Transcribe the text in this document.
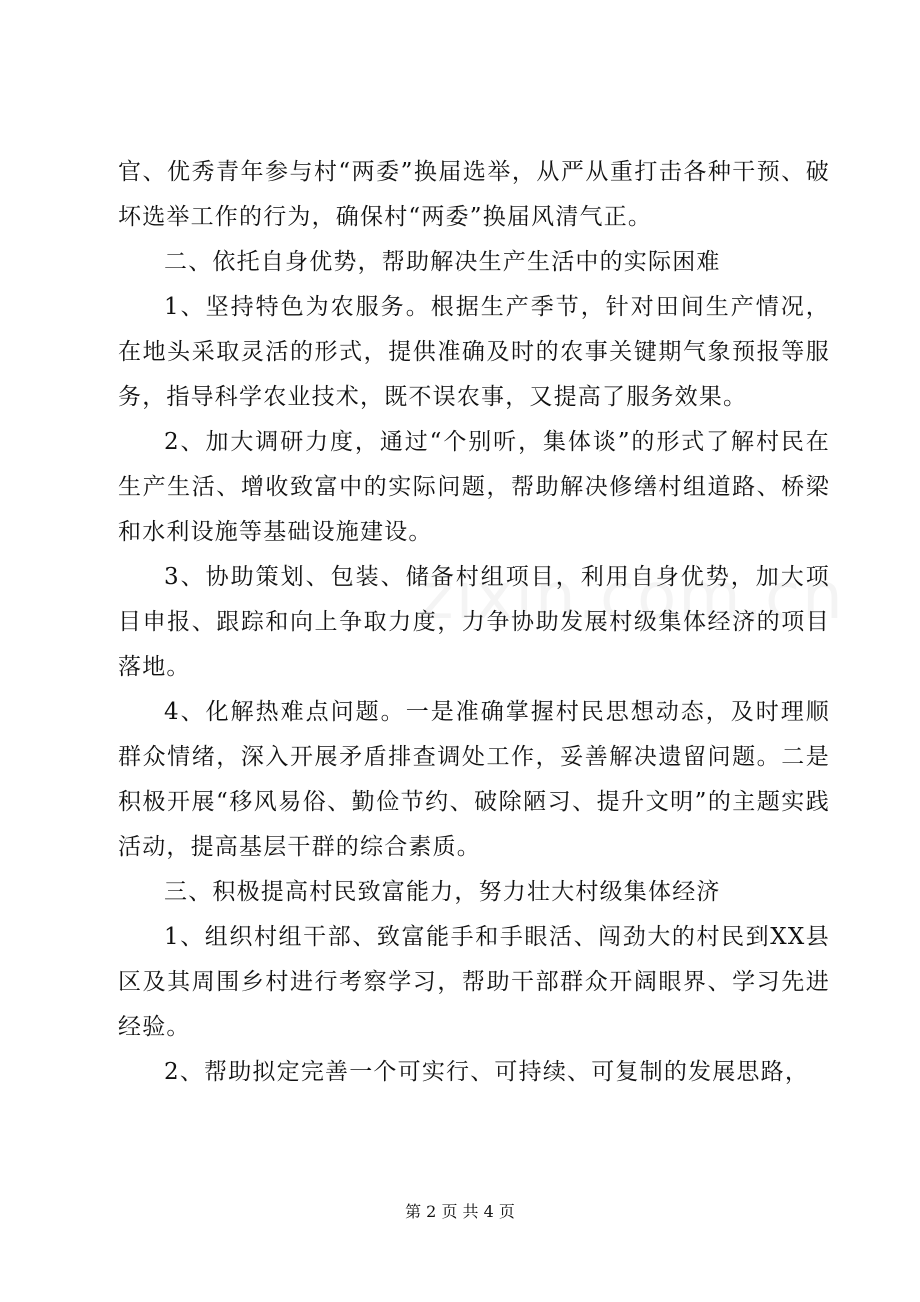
官、优秀青年参与村“两委”换届选举，从严从重打击各种干预、破坏选举工作的行为，确保村“两委”换届风清气正。

二、依托自身优势，帮助解决生产生活中的实际困难

1、坚持特色为农服务。根据生产季节，针对田间生产情况，在地头采取灵活的形式，提供准确及时的农事关键期气象预报等服务，指导科学农业技术，既不误农事，又提高了服务效果。

2、加大调研力度，通过“个别听，集体谈”的形式了解村民在生产生活、增收致富中的实际问题，帮助解决修缮村组道路、桥梁和水利设施等基础设施建设。

3、协助策划、包装、储备村组项目，利用自身优势，加大项目申报、跟踪和向上争取力度，力争协助发展村级集体经济的项目落地。

4、化解热难点问题。一是准确掌握村民思想动态，及时理顺群众情绪，深入开展矛盾排查调处工作，妥善解决遗留问题。二是积极开展“移风易俗、勤俭节约、破除陋习、提升文明”的主题实践活动，提高基层干群的综合素质。

三、积极提高村民致富能力，努力壮大村级集体经济

1、组织村组干部、致富能手和手眼活、闯劲大的村民到XX县区及其周围乡村进行考察学习，帮助干部群众开阔眼界、学习先进经验。

2、帮助拟定完善一个可实行、可持续、可复制的发展思路，

第 2 页 共 4 页
